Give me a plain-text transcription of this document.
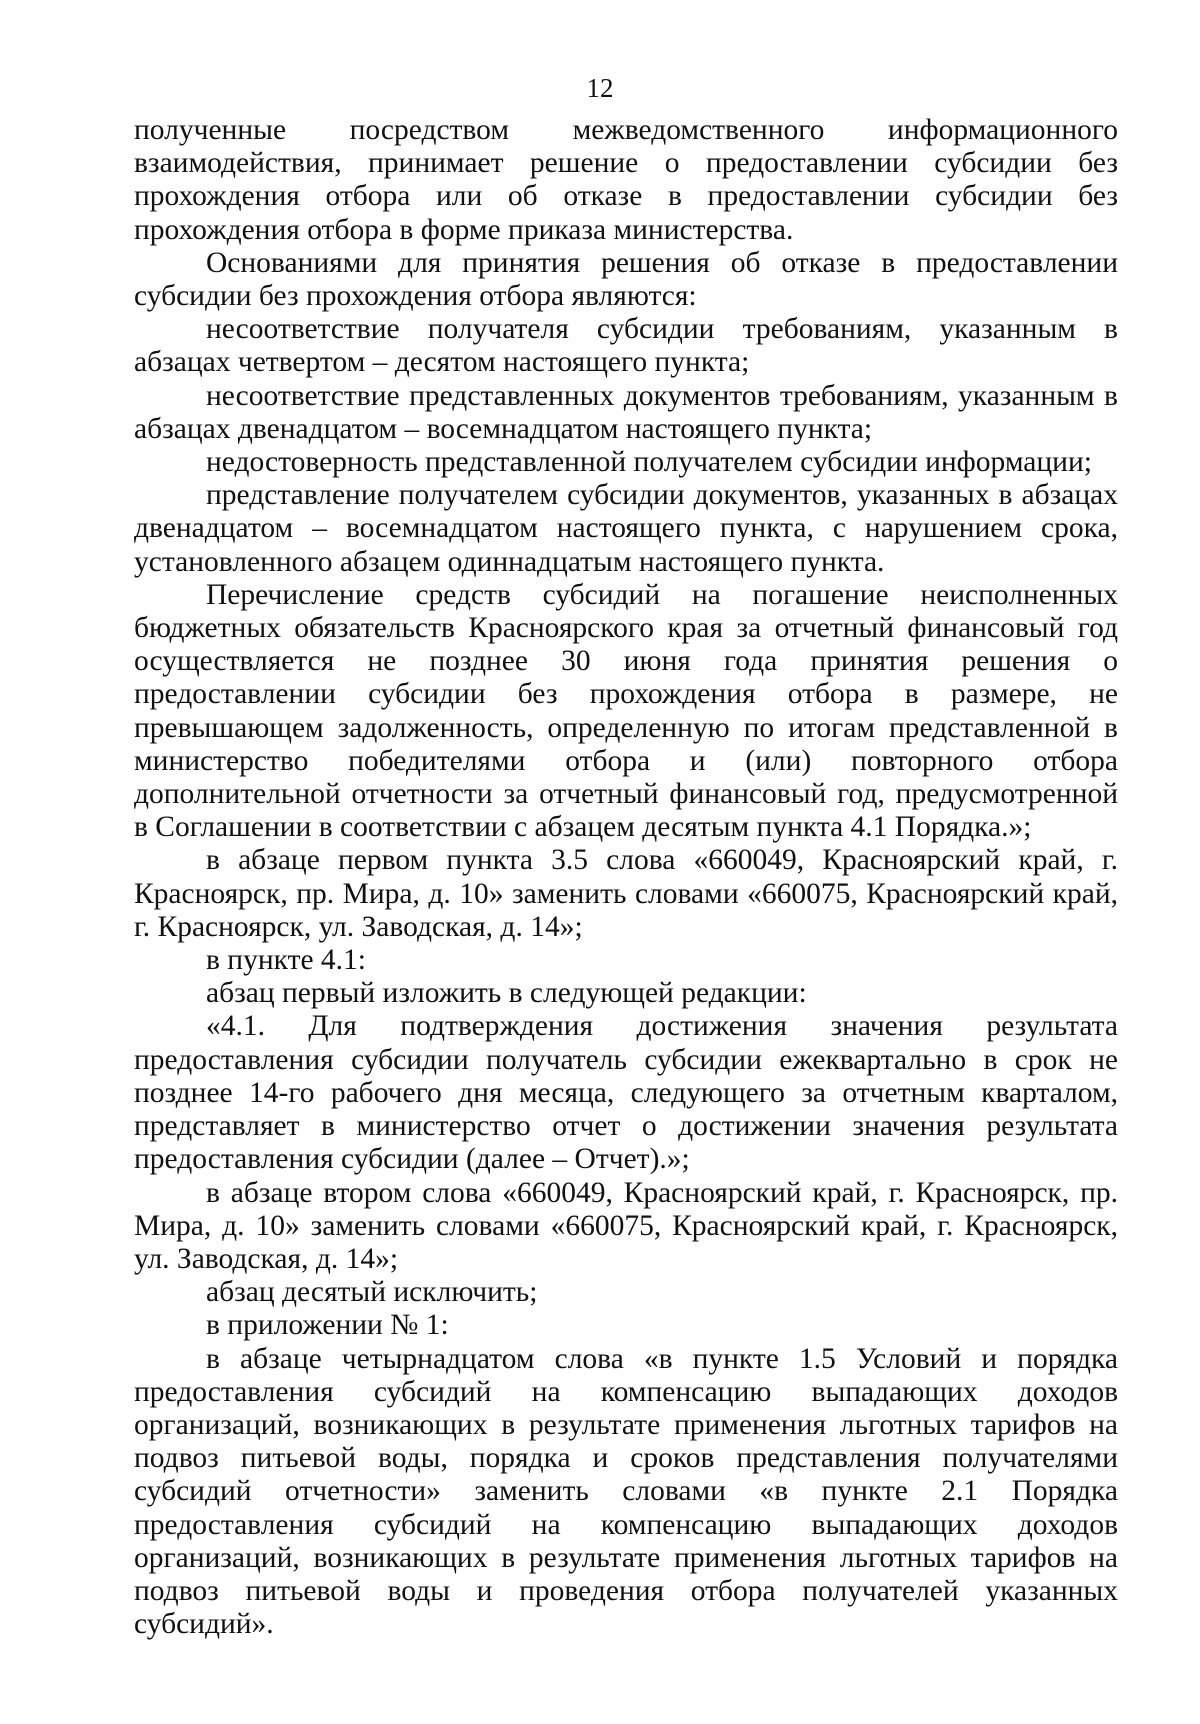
12

полученные посредством межведомственного информационного взаимодействия, принимает решение о предоставлении субсидии без прохождения отбора или об отказе в предоставлении субсидии без прохождения отбора в форме приказа министерства.

Основаниями для принятия решения об отказе в предоставлении субсидии без прохождения отбора являются:

несоответствие получателя субсидии требованиям, указанным в абзацах четвертом – десятом настоящего пункта;

несоответствие представленных документов требованиям, указанным в абзацах двенадцатом – восемнадцатом настоящего пункта;

недостоверность представленной получателем субсидии информации;

представление получателем субсидии документов, указанных в абзацах двенадцатом – восемнадцатом настоящего пункта, с нарушением срока, установленного абзацем одиннадцатым настоящего пункта.

Перечисление средств субсидий на погашение неисполненных бюджетных обязательств Красноярского края за отчетный финансовый год осуществляется не позднее 30 июня года принятия решения о предоставлении субсидии без прохождения отбора в размере, не превышающем задолженность, определенную по итогам представленной в министерство победителями отбора и (или) повторного отбора дополнительной отчетности за отчетный финансовый год, предусмотренной в Соглашении в соответствии с абзацем десятым пункта 4.1 Порядка.»;

в абзаце первом пункта 3.5 слова «660049, Красноярский край, г. Красноярск, пр. Мира, д. 10» заменить словами «660075, Красноярский край, г. Красноярск, ул. Заводская, д. 14»;

в пункте 4.1:

абзац первый изложить в следующей редакции:

«4.1. Для подтверждения достижения значения результата предоставления субсидии получатель субсидии ежеквартально в срок не позднее 14-го рабочего дня месяца, следующего за отчетным кварталом, представляет в министерство отчет о достижении значения результата предоставления субсидии (далее – Отчет).»;

в абзаце втором слова «660049, Красноярский край, г. Красноярск, пр. Мира, д. 10» заменить словами «660075, Красноярский край, г. Красноярск, ул. Заводская, д. 14»;

абзац десятый исключить;

в приложении № 1:

в абзаце четырнадцатом слова «в пункте 1.5 Условий и порядка предоставления субсидий на компенсацию выпадающих доходов организаций, возникающих в результате применения льготных тарифов на подвоз питьевой воды, порядка и сроков представления получателями субсидий отчетности» заменить словами «в пункте 2.1 Порядка предоставления субсидий на компенсацию выпадающих доходов организаций, возникающих в результате применения льготных тарифов на подвоз питьевой воды и проведения отбора получателей указанных субсидий».
